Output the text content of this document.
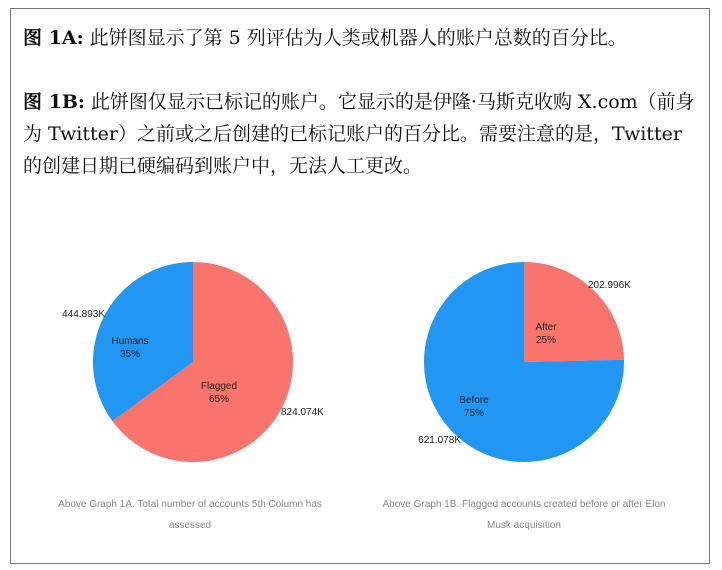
图 1A: 此饼图显示了第 5 列评估为人类或机器人的账户总数的百分比。
图 1B: 此饼图仅显示已标记的账户。它显示的是伊隆·马斯克收购 X.com（前身为 Twitter）之前或之后创建的已标记账户的百分比。需要注意的是，Twitter 的创建日期已硬编码到账户中，无法人工更改。
Flagged
65%
824.074K
Humans
35%
444.893K
After
25%
202.996K
Before
75%
621.078K
Above Graph 1A. Total number of accounts 5th Column has assessed
Above Graph 1B. Flagged accounts created before or after Elon Musk acquisition
